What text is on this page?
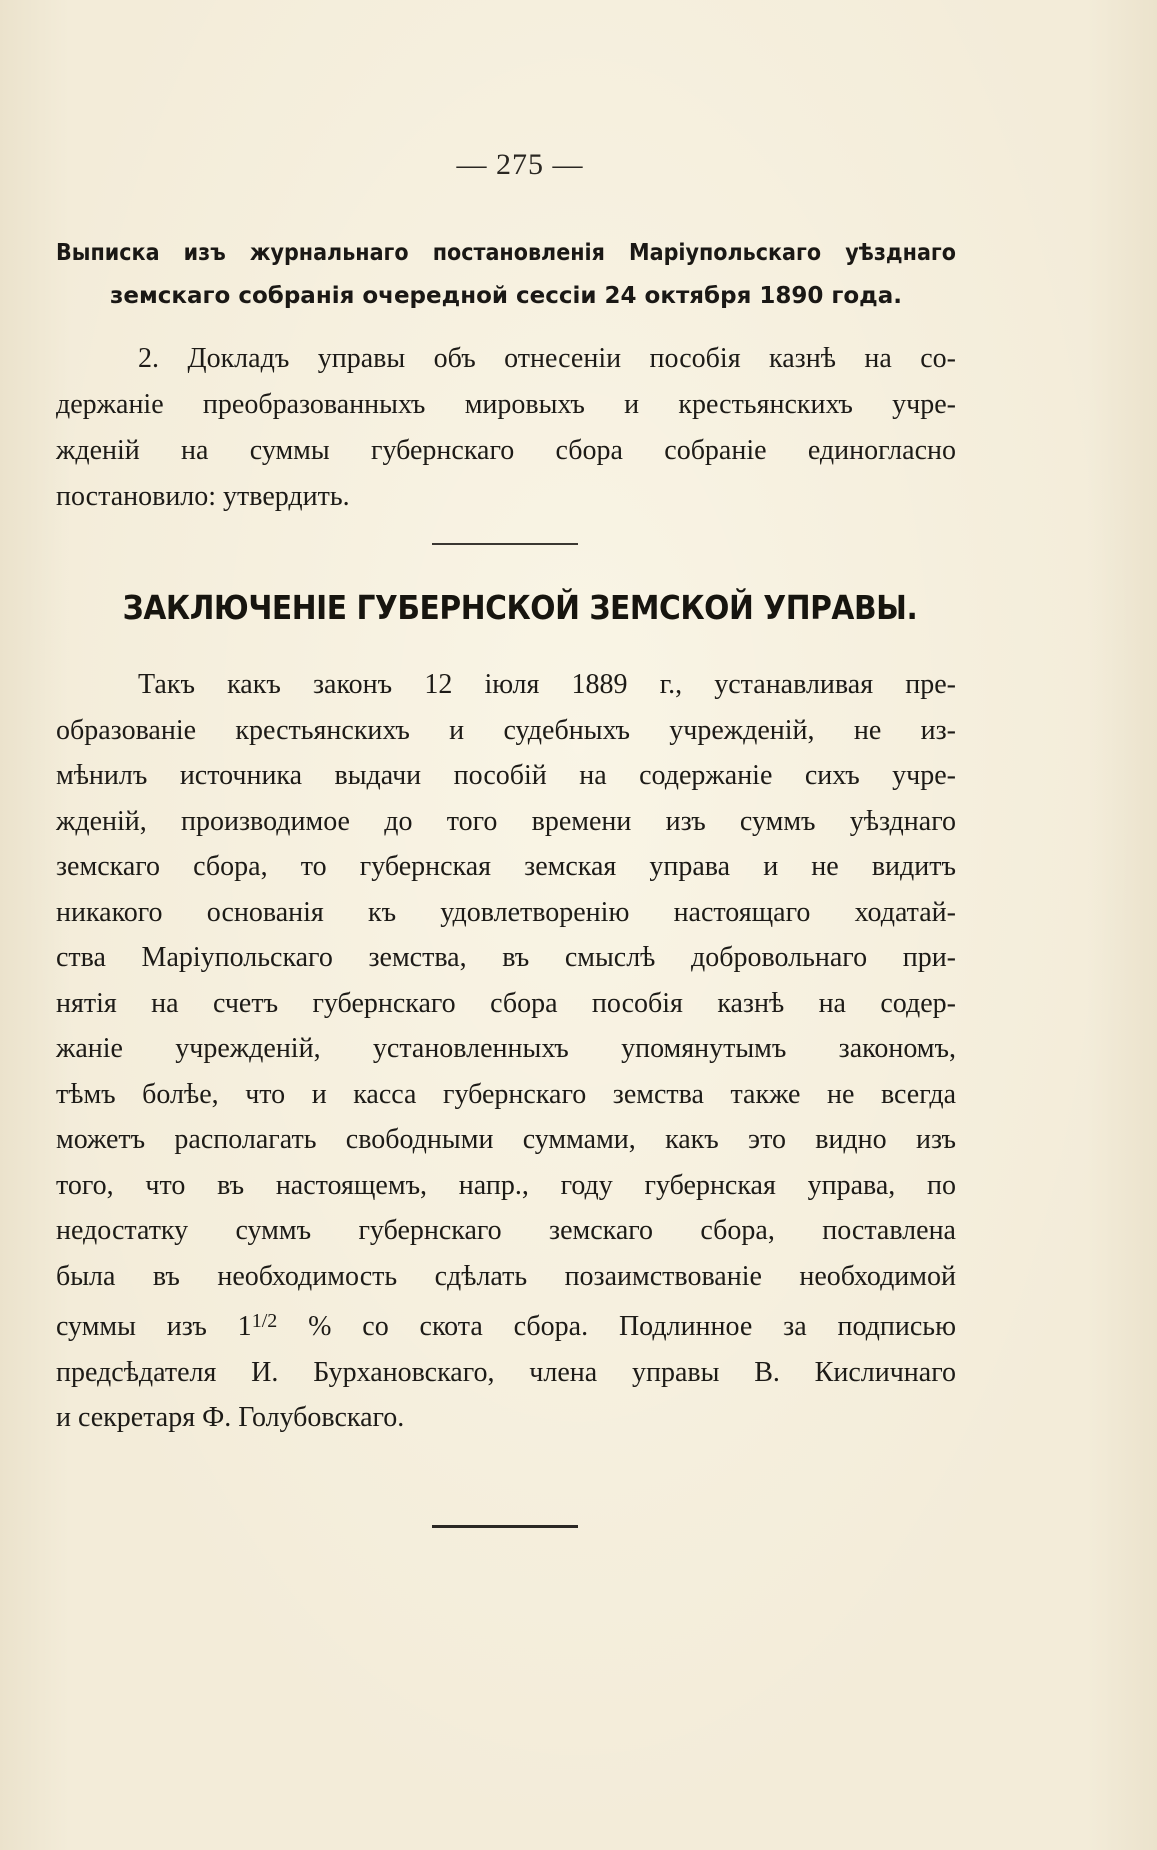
— 275 —
Выписка изъ журнальнаго постановленія Маріупольскаго уѣзднаго
земскаго собранія очередной сессіи 24 октября 1890 года.
2. Докладъ управы объ отнесеніи пособія казнѣ на со-
держаніе преобразованныхъ мировыхъ и крестьянскихъ учре-
жденій на суммы губернскаго сбора собраніе единогласно
постановило: утвердить.
ЗАКЛЮЧЕНІЕ ГУБЕРНСКОЙ ЗЕМСКОЙ УПРАВЫ.
Такъ какъ законъ 12 іюля 1889 г., устанавливая пре-
образованіе крестьянскихъ и судебныхъ учрежденій, не из-
мѣнилъ источника выдачи пособій на содержаніе сихъ учре-
жденій, производимое до того времени изъ суммъ уѣзднаго
земскаго сбора, то губернская земская управа и не видитъ
никакого основанія къ удовлетворенію настоящаго ходатай-
ства Маріупольскаго земства, въ смыслѣ добровольнаго при-
нятія на счетъ губернскаго сбора пособія казнѣ на содер-
жаніе учрежденій, установленныхъ упомянутымъ закономъ,
тѣмъ болѣе, что и касса губернскаго земства также не всегда
можетъ располагать свободными суммами, какъ это видно изъ
того, что въ настоящемъ, напр., году губернская управа, по
недостатку суммъ губернскаго земскаго сбора, поставлена
была въ необходимость сдѣлать позаимствованіе необходимой
суммы изъ $1^{1/2}$ % со скота сбора. Подлинное за подписью
предсѣдателя И. Бурхановскаго, члена управы В. Кисличнаго
и секретаря Ф. Голубовскаго.
